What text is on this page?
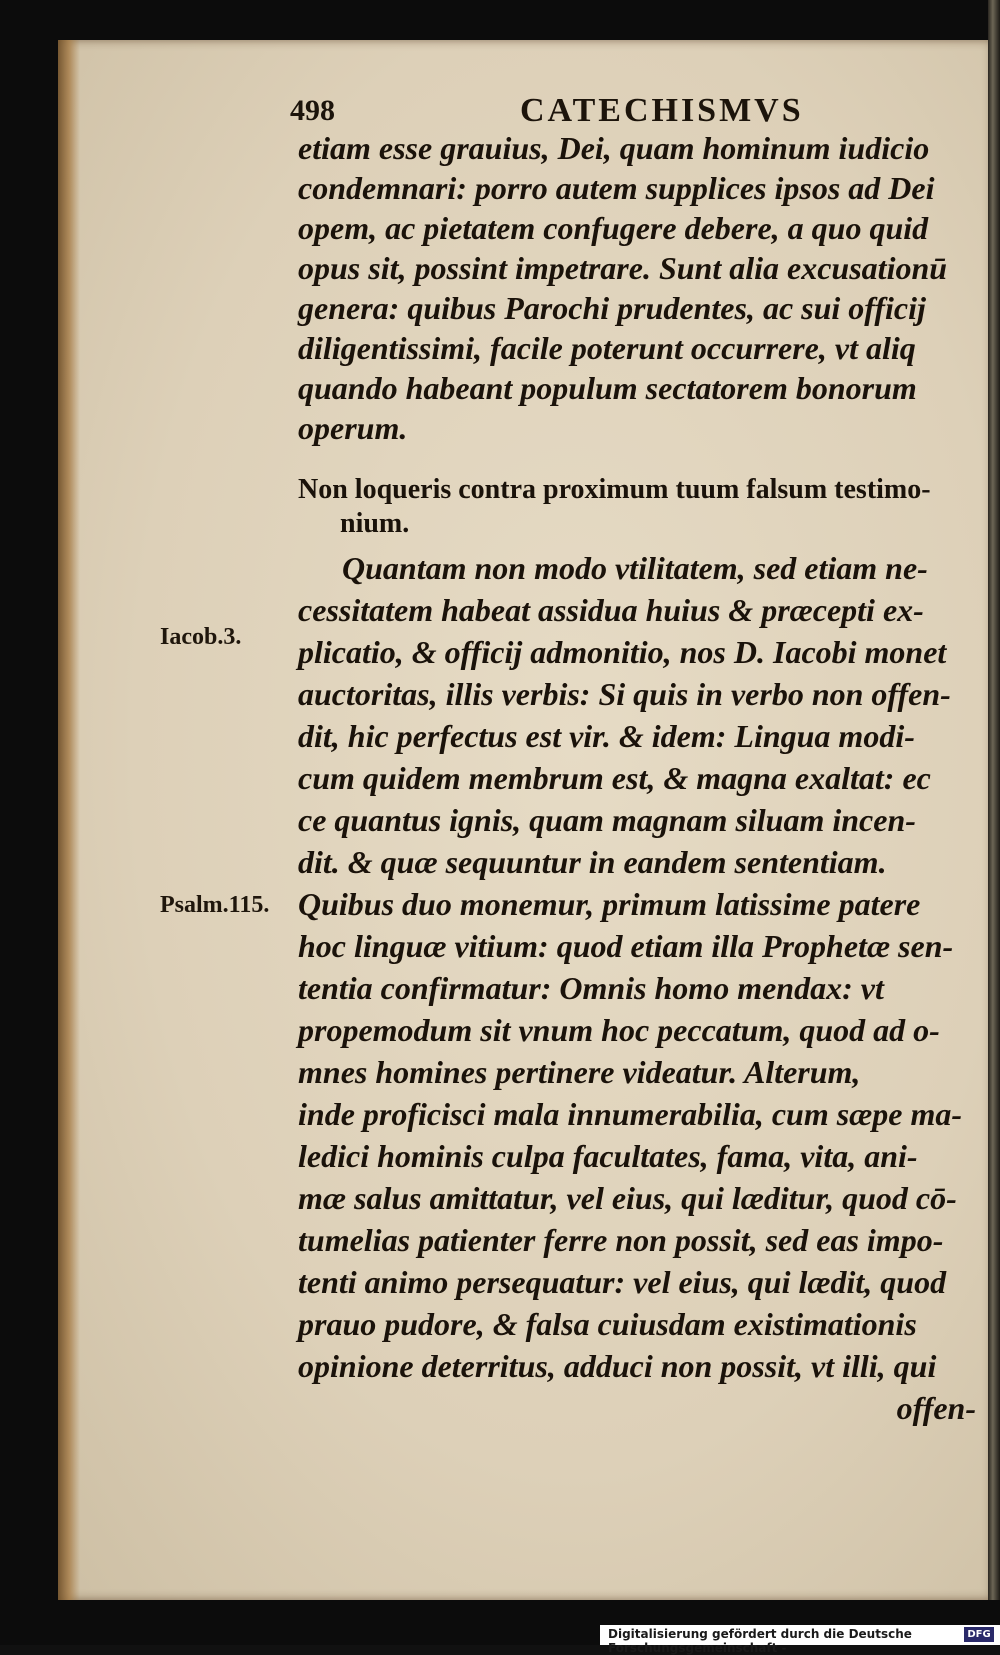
498	CATECHISMVS
etiam esse grauius, Dei, quam hominum iudicio
condemnari: porro autem supplices ipsos ad Dei
opem, ac pietatem confugere debere, a quo quid
opus sit, possint impetrare. Sunt alia excusationū
genera: quibus Parochi prudentes, ac sui officij
diligentissimi, facile poterunt occurrere, vt aliq
quando habeant populum sectatorem bonorum
operum.
Non loqueris contra proximum tuum falsum testimo-
nium.
Iacob.3.
Psalm.115.
Quantam non modo vtilitatem, sed etiam ne-
cessitatem habeat assidua huius & præcepti ex-
plicatio, & officij admonitio, nos D. Iacobi monet
auctoritas, illis verbis: Si quis in verbo non offen-
dit, hic perfectus est vir. & idem: Lingua modi-
cum quidem membrum est, & magna exaltat: ec
ce quantus ignis, quam magnam siluam incen-
dit. & quæ sequuntur in eandem sententiam.
Quibus duo monemur, primum latissime patere
hoc linguæ vitium: quod etiam illa Prophetæ sen-
tentia confirmatur: Omnis homo mendax: vt
propemodum sit vnum hoc peccatum, quod ad o-
mnes homines pertinere videatur. Alterum,
inde proficisci mala innumerabilia, cum sæpe ma-
ledici hominis culpa facultates, fama, vita, ani-
mæ salus amittatur, vel eius, qui læditur, quod cō-
tumelias patienter ferre non possit, sed eas impo-
tenti animo persequatur: vel eius, qui lædit, quod
prauo pudore, & falsa cuiusdam existimationis
opinione deterritus, adduci non possit, vt illi, qui
offen-
Digitalisierung gefördert durch die Deutsche Forschungsgemeinschaft -
DFG
